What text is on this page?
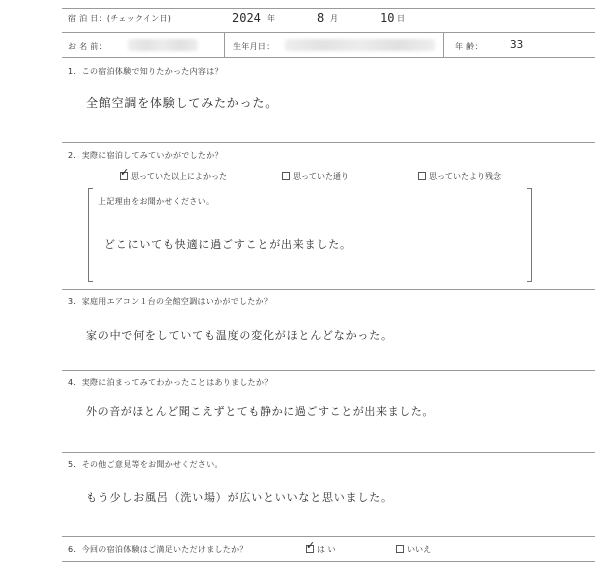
宿 泊 日：(チェックイン日)	2024 年	8 月	10 日
お 名 前：	生年月日：	年 齢： 33
1．この宿泊体験で知りたかった内容は？
全館空調を体験してみたかった。
2．実際に宿泊してみていかがでしたか？
✓ 思っていた以上によかった	思っていた通り	思っていたより残念
上記理由をお聞かせください。
どこにいても快適に過ごすことが出来ました。
3．家庭用エアコン１台の全館空調はいかがでしたか？
家の中で何をしていても温度の変化がほとんどなかった。
4．実際に泊まってみてわかったことはありましたか？
外の音がほとんど聞こえずとても静かに過ごすことが出来ました。
5．その他ご意見等をお聞かせください。
もう少しお風呂（洗い場）が広いといいなと思いました。
6．今回の宿泊体験はご満足いただけましたか？	✓ は い	いいえ
